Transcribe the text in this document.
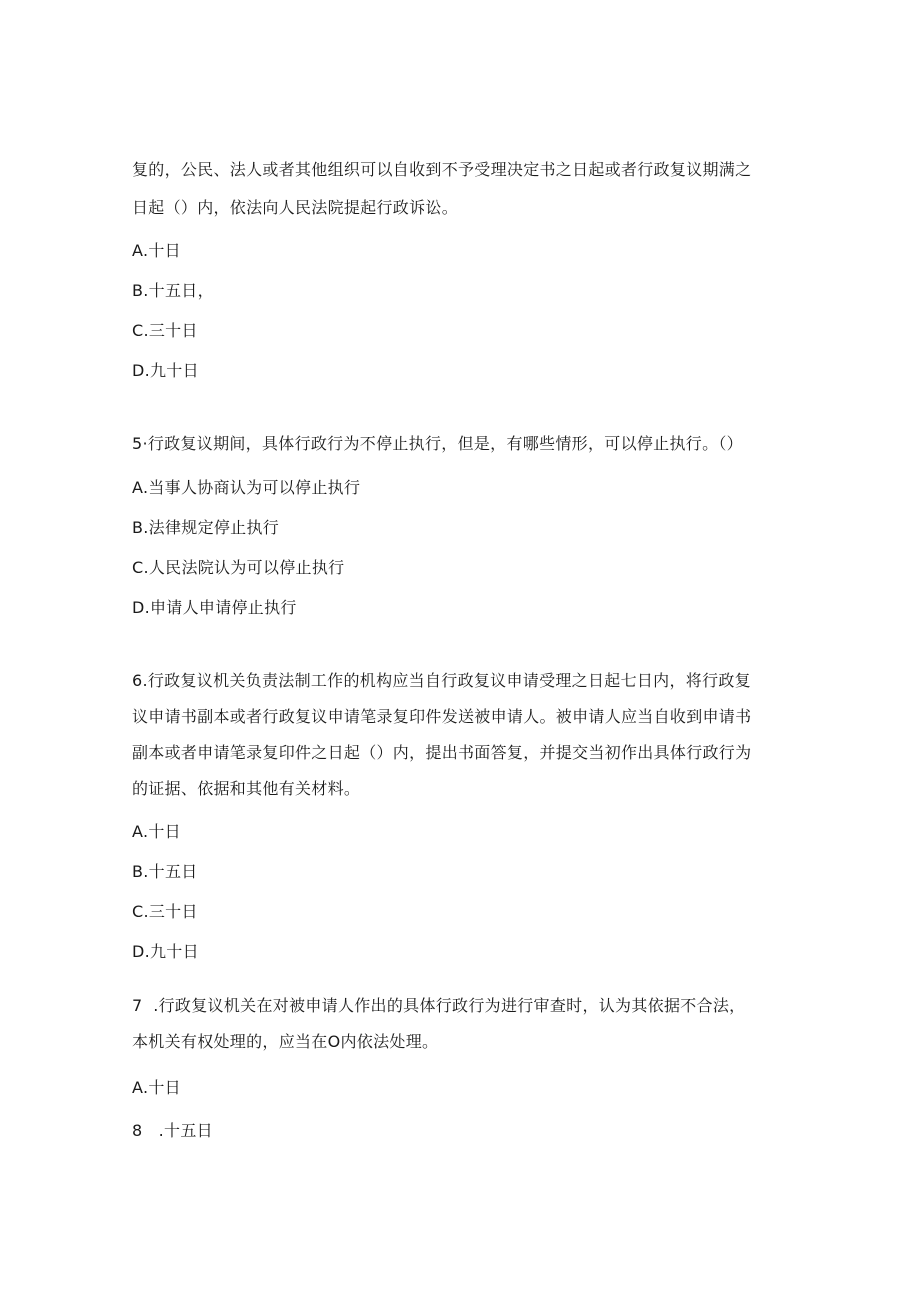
复的，公民、法人或者其他组织可以自收到不予受理决定书之日起或者行政复议期满之
日起（）内，依法向人民法院提起行政诉讼。
A.十日
B.十五日，
C.三十日
D.九十日
5·行政复议期间，具体行政行为不停止执行，但是，有哪些情形，可以停止执行。（）
A.当事人协商认为可以停止执行
B.法律规定停止执行
C.人民法院认为可以停止执行
D.申请人申请停止执行
6.行政复议机关负责法制工作的机构应当自行政复议申请受理之日起七日内，将行政复
议申请书副本或者行政复议申请笔录复印件发送被申请人。被申请人应当自收到申请书
副本或者申请笔录复印件之日起（）内，提出书面答复，并提交当初作出具体行政行为
的证据、依据和其他有关材料。
A.十日
B.十五日
C.三十日
D.九十日
7  .行政复议机关在对被申请人作出的具体行政行为进行审查时，认为其依据不合法，
本机关有权处理的，应当在O内依法处理。
A.十日
8   .十五日
